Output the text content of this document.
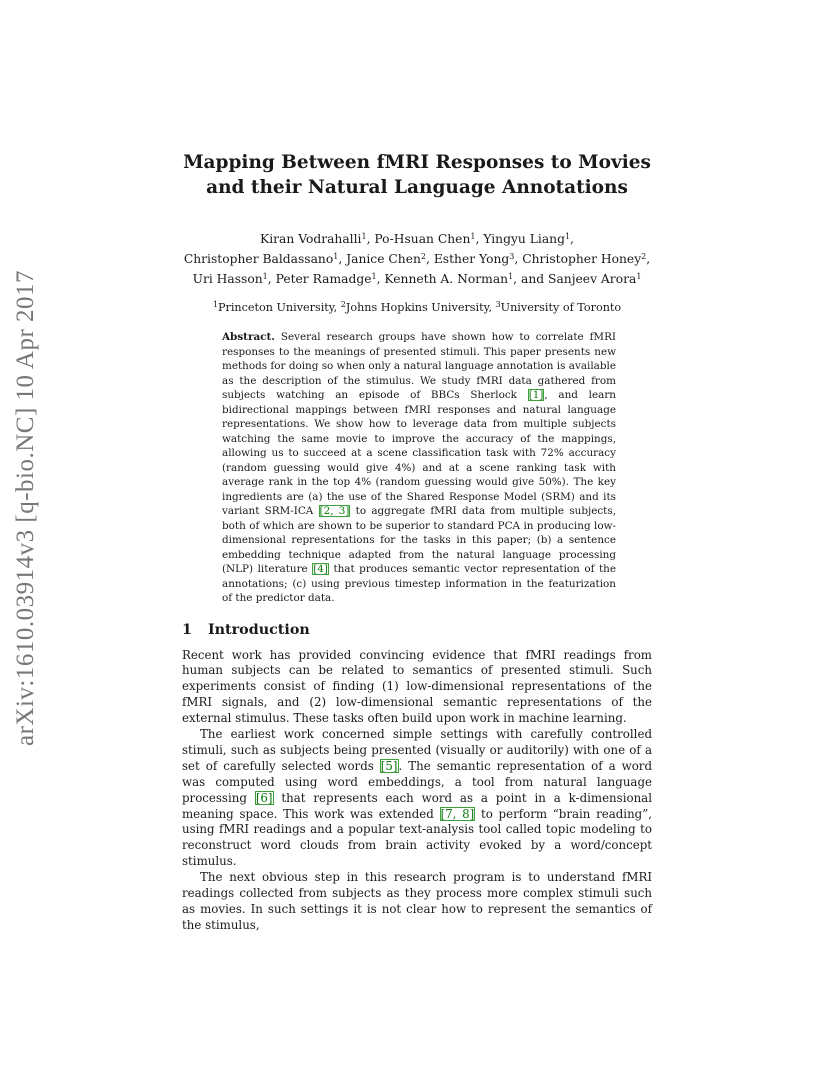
arXiv:1610.03914v3 [q-bio.NC] 10 Apr 2017
Mapping Between fMRI Responses to Movies
and their Natural Language Annotations
Kiran Vodrahalli$^1$, Po-Hsuan Chen$^1$, Yingyu Liang$^1$,
Christopher Baldassano$^1$, Janice Chen$^2$, Esther Yong$^3$, Christopher Honey$^2$,
Uri Hasson$^1$, Peter Ramadge$^1$, Kenneth A. Norman$^1$, and Sanjeev Arora$^1$
$^1$Princeton University, $^2$Johns Hopkins University, $^3$University of Toronto
Abstract. Several research groups have shown how to correlate fMRI responses to the meanings of presented stimuli. This paper presents new methods for doing so when only a natural language annotation is available as the description of the stimulus. We study fMRI data gathered from subjects watching an episode of BBCs Sherlock [1], and learn bidirectional mappings between fMRI responses and natural language representations. We show how to leverage data from multiple subjects watching the same movie to improve the accuracy of the mappings, allowing us to succeed at a scene classification task with 72% accuracy (random guessing would give 4%) and at a scene ranking task with average rank in the top 4% (random guessing would give 50%). The key ingredients are (a) the use of the Shared Response Model (SRM) and its variant SRM-ICA [2, 3] to aggregate fMRI data from multiple subjects, both of which are shown to be superior to standard PCA in producing low-dimensional representations for the tasks in this paper; (b) a sentence embedding technique adapted from the natural language processing (NLP) literature [4] that produces semantic vector representation of the annotations; (c) using previous timestep information in the featurization of the predictor data.
1 Introduction

Recent work has provided convincing evidence that fMRI readings from human subjects can be related to semantics of presented stimuli. Such experiments consist of finding (1) low-dimensional representations of the fMRI signals, and (2) low-dimensional semantic representations of the external stimulus. These tasks often build upon work in machine learning.

The earliest work concerned simple settings with carefully controlled stimuli, such as subjects being presented (visually or auditorily) with one of a set of carefully selected words [5]. The semantic representation of a word was computed using word embeddings, a tool from natural language processing [6] that represents each word as a point in a k-dimensional meaning space. This work was extended [7, 8] to perform “brain reading”, using fMRI readings and a popular text-analysis tool called topic modeling to reconstruct word clouds from brain activity evoked by a word/concept stimulus.

The next obvious step in this research program is to understand fMRI readings collected from subjects as they process more complex stimuli such as movies. In such settings it is not clear how to represent the semantics of the stimulus,
